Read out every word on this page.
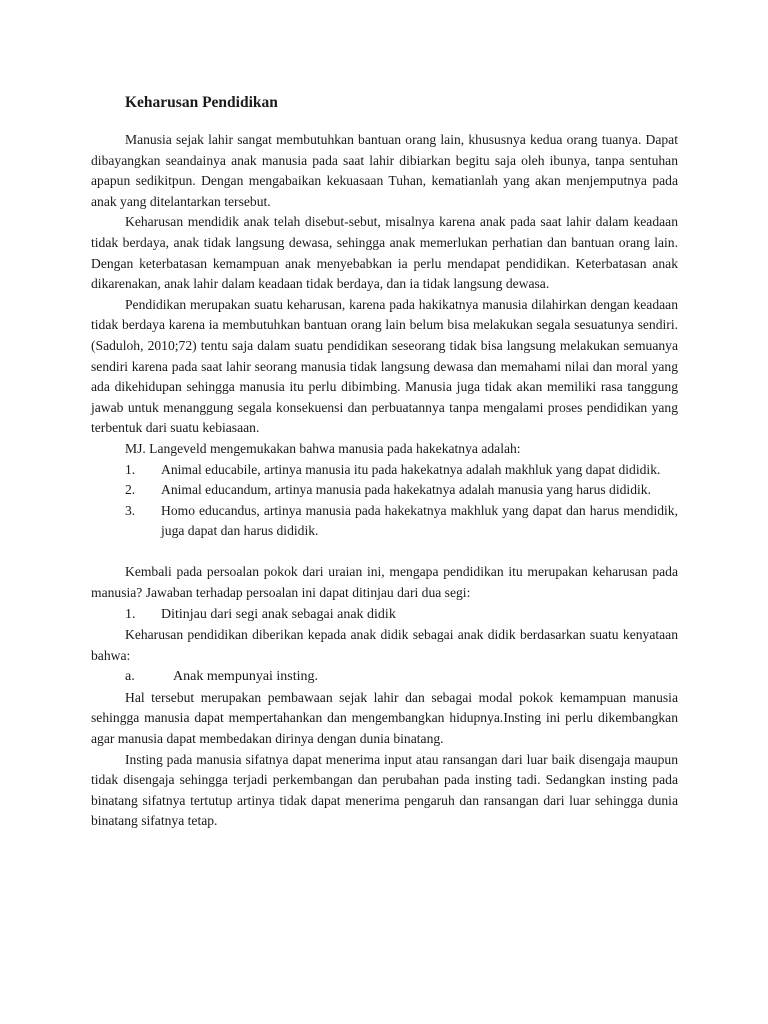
Keharusan Pendidikan

Manusia sejak lahir sangat membutuhkan bantuan orang lain, khususnya kedua orang tuanya. Dapat dibayangkan seandainya anak manusia pada saat lahir dibiarkan begitu saja oleh ibunya, tanpa sentuhan apapun sedikitpun. Dengan mengabaikan kekuasaan Tuhan, kematianlah yang akan menjemputnya pada anak yang ditelantarkan tersebut.

Keharusan mendidik anak telah disebut-sebut, misalnya karena anak pada saat lahir dalam keadaan tidak berdaya, anak tidak langsung dewasa, sehingga anak memerlukan perhatian dan bantuan orang lain. Dengan keterbatasan kemampuan anak menyebabkan ia perlu mendapat pendidikan. Keterbatasan anak dikarenakan, anak lahir dalam keadaan tidak berdaya, dan ia tidak langsung dewasa.

Pendidikan merupakan suatu keharusan, karena pada hakikatnya manusia dilahirkan dengan keadaan tidak berdaya karena ia membutuhkan bantuan orang lain belum bisa melakukan segala sesuatunya sendiri. (Saduloh, 2010;72) tentu saja dalam suatu pendidikan seseorang tidak bisa langsung melakukan semuanya sendiri karena pada saat lahir seorang manusia tidak langsung dewasa dan memahami nilai dan moral yang ada dikehidupan sehingga manusia itu perlu dibimbing. Manusia juga tidak akan memiliki rasa tanggung jawab untuk menanggung segala konsekuensi dan perbuatannya tanpa mengalami proses pendidikan yang terbentuk dari suatu kebiasaan.

MJ. Langeveld mengemukakan bahwa manusia pada hakekatnya adalah:

1. Animal educabile, artinya manusia itu pada hakekatnya adalah makhluk yang dapat dididik.
2. Animal educandum, artinya manusia pada hakekatnya adalah manusia yang harus dididik.
3. Homo educandus, artinya manusia pada hakekatnya makhluk yang dapat dan harus mendidik, juga dapat dan harus dididik.

Kembali pada persoalan pokok dari uraian ini, mengapa pendidikan itu merupakan keharusan pada manusia? Jawaban terhadap persoalan ini dapat ditinjau dari dua segi:

1. Ditinjau dari segi anak sebagai anak didik

Keharusan pendidikan diberikan kepada anak didik sebagai anak didik berdasarkan suatu kenyataan bahwa:

a.	Anak mempunyai insting.

Hal tersebut merupakan pembawaan sejak lahir dan sebagai modal pokok kemampuan manusia sehingga manusia dapat mempertahankan dan mengembangkan hidupnya.Insting ini perlu dikembangkan agar manusia dapat membedakan dirinya dengan dunia binatang.

Insting pada manusia sifatnya dapat menerima input atau ransangan dari luar baik disengaja maupun tidak disengaja sehingga terjadi perkembangan dan perubahan pada insting tadi. Sedangkan insting pada binatang sifatnya tertutup artinya tidak dapat menerima pengaruh dan ransangan dari luar sehingga dunia binatang sifatnya tetap.
